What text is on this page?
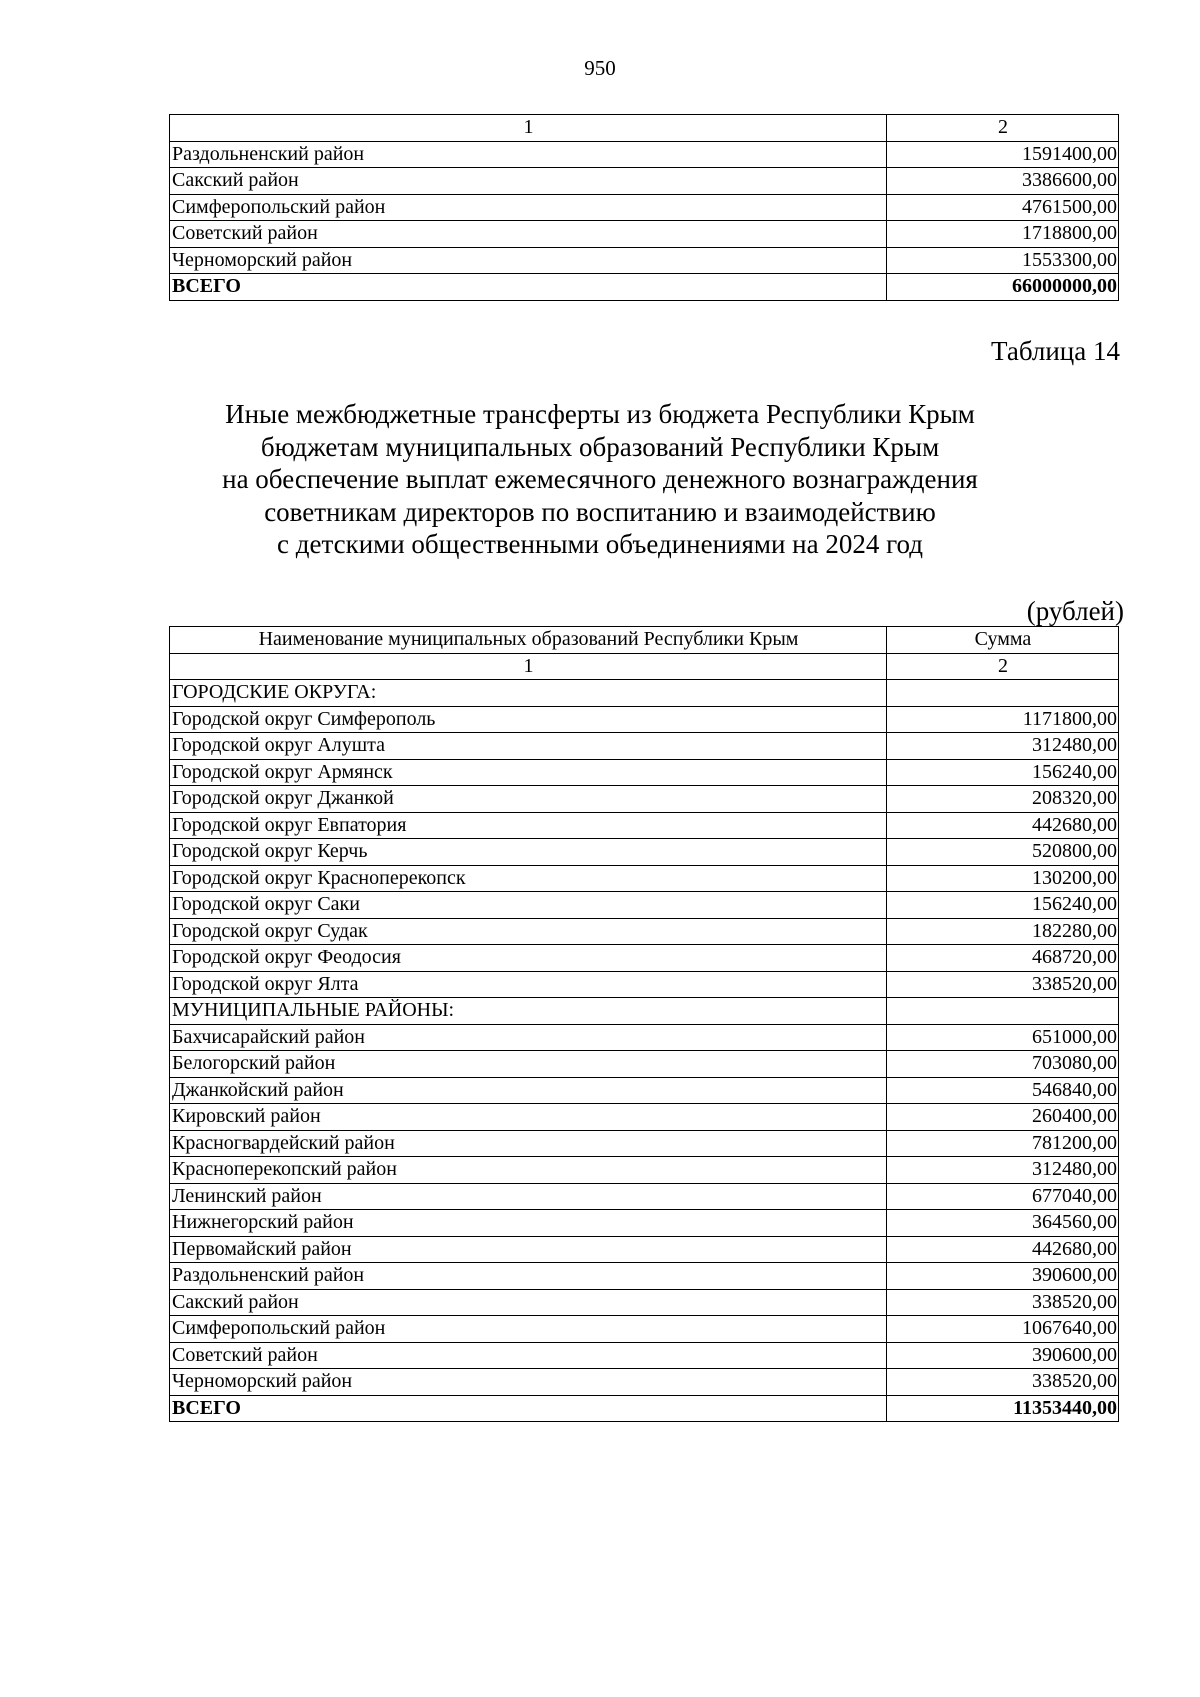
950
1	2
Раздольненский район	1591400,00
Сакский район	3386600,00
Симферопольский район	4761500,00
Советский район	1718800,00
Черноморский район	1553300,00
ВСЕГО	66000000,00
Таблица 14
Иные межбюджетные трансферты из бюджета Республики Крым
бюджетам муниципальных образований Республики Крым
на обеспечение выплат ежемесячного денежного вознаграждения
советникам директоров по воспитанию и взаимодействию
с детскими общественными объединениями на 2024 год
(рублей)
Наименование муниципальных образований Республики Крым	Сумма
1	2
ГОРОДСКИЕ ОКРУГА:	
Городской округ Симферополь	1171800,00
Городской округ Алушта	312480,00
Городской округ Армянск	156240,00
Городской округ Джанкой	208320,00
Городской округ Евпатория	442680,00
Городской округ Керчь	520800,00
Городской округ Красноперекопск	130200,00
Городской округ Саки	156240,00
Городской округ Судак	182280,00
Городской округ Феодосия	468720,00
Городской округ Ялта	338520,00
МУНИЦИПАЛЬНЫЕ РАЙОНЫ:	
Бахчисарайский район	651000,00
Белогорский район	703080,00
Джанкойский район	546840,00
Кировский район	260400,00
Красногвардейский район	781200,00
Красноперекопский район	312480,00
Ленинский район	677040,00
Нижнегорский район	364560,00
Первомайский район	442680,00
Раздольненский район	390600,00
Сакский район	338520,00
Симферопольский район	1067640,00
Советский район	390600,00
Черноморский район	338520,00
ВСЕГО	11353440,00
